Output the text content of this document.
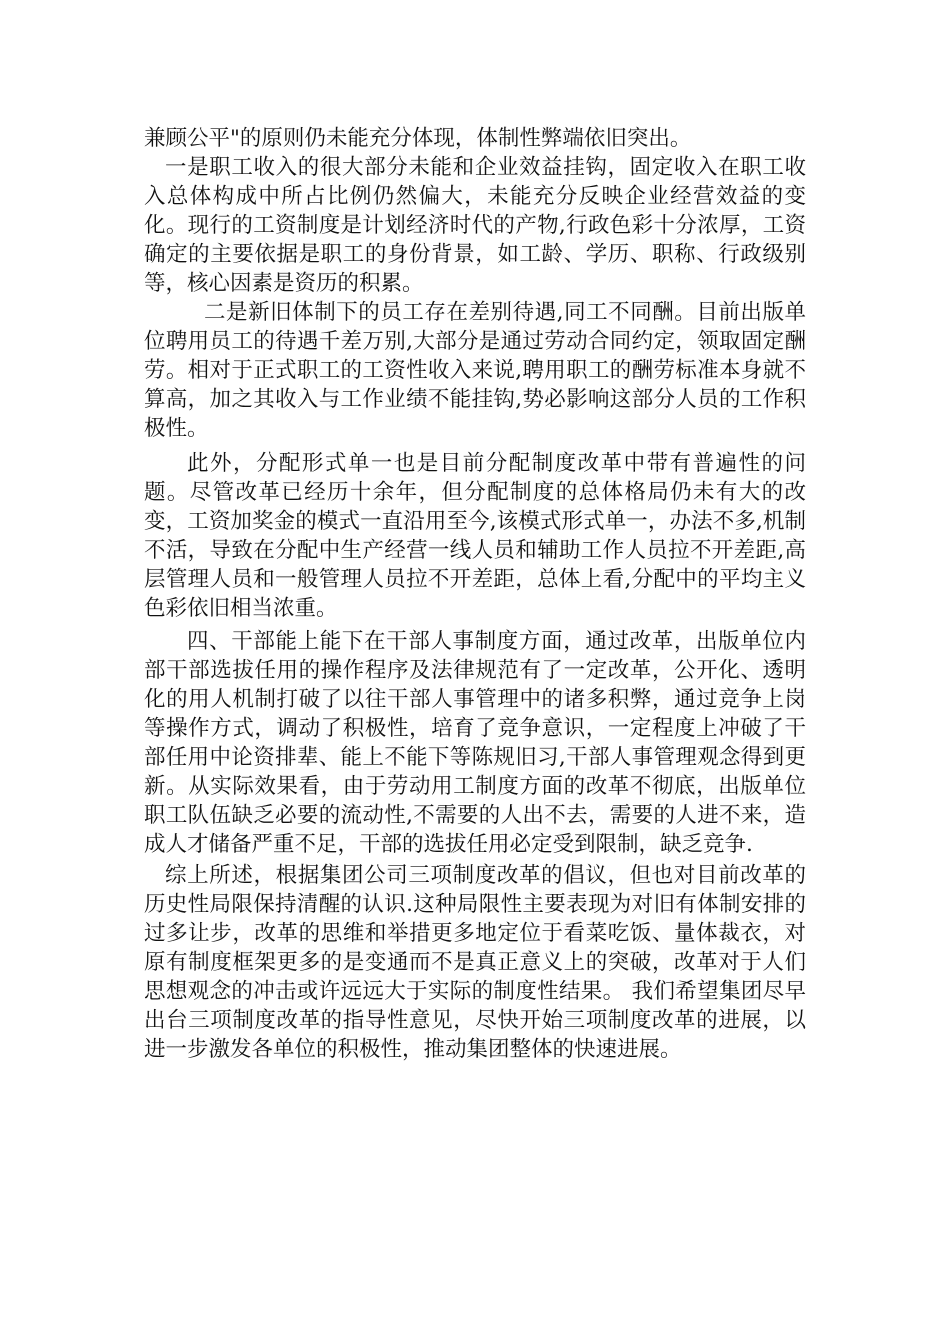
兼顾公平"的原则仍未能充分体现，体制性弊端依旧突出。

一是职工收入的很大部分未能和企业效益挂钩，固定收入在职工收入总体构成中所占比例仍然偏大，未能充分反映企业经营效益的变化。现行的工资制度是计划经济时代的产物,行政色彩十分浓厚，工资确定的主要依据是职工的身份背景，如工龄、学历、职称、行政级别等，核心因素是资历的积累。

二是新旧体制下的员工存在差别待遇,同工不同酬。目前出版单位聘用员工的待遇千差万别,大部分是通过劳动合同约定，领取固定酬劳。相对于正式职工的工资性收入来说,聘用职工的酬劳标准本身就不算高，加之其收入与工作业绩不能挂钩,势必影响这部分人员的工作积极性。

此外，分配形式单一也是目前分配制度改革中带有普遍性的问题。尽管改革已经历十余年，但分配制度的总体格局仍未有大的改变，工资加奖金的模式一直沿用至今,该模式形式单一，办法不多,机制不活，导致在分配中生产经营一线人员和辅助工作人员拉不开差距,高层管理人员和一般管理人员拉不开差距，总体上看,分配中的平均主义色彩依旧相当浓重。

四、干部能上能下在干部人事制度方面，通过改革，出版单位内部干部选拔任用的操作程序及法律规范有了一定改革，公开化、透明化的用人机制打破了以往干部人事管理中的诸多积弊，通过竞争上岗等操作方式，调动了积极性，培育了竞争意识，一定程度上冲破了干部任用中论资排辈、能上不能下等陈规旧习,干部人事管理观念得到更新。从实际效果看，由于劳动用工制度方面的改革不彻底，出版单位职工队伍缺乏必要的流动性,不需要的人出不去，需要的人进不来，造成人才储备严重不足，干部的选拔任用必定受到限制，缺乏竞争.

综上所述，根据集团公司三项制度改革的倡议，但也对目前改革的历史性局限保持清醒的认识.这种局限性主要表现为对旧有体制安排的过多让步，改革的思维和举措更多地定位于看菜吃饭、量体裁衣，对原有制度框架更多的是变通而不是真正意义上的突破，改革对于人们思想观念的冲击或许远远大于实际的制度性结果。 我们希望集团尽早出台三项制度改革的指导性意见，尽快开始三项制度改革的进展，以进一步激发各单位的积极性，推动集团整体的快速进展。
